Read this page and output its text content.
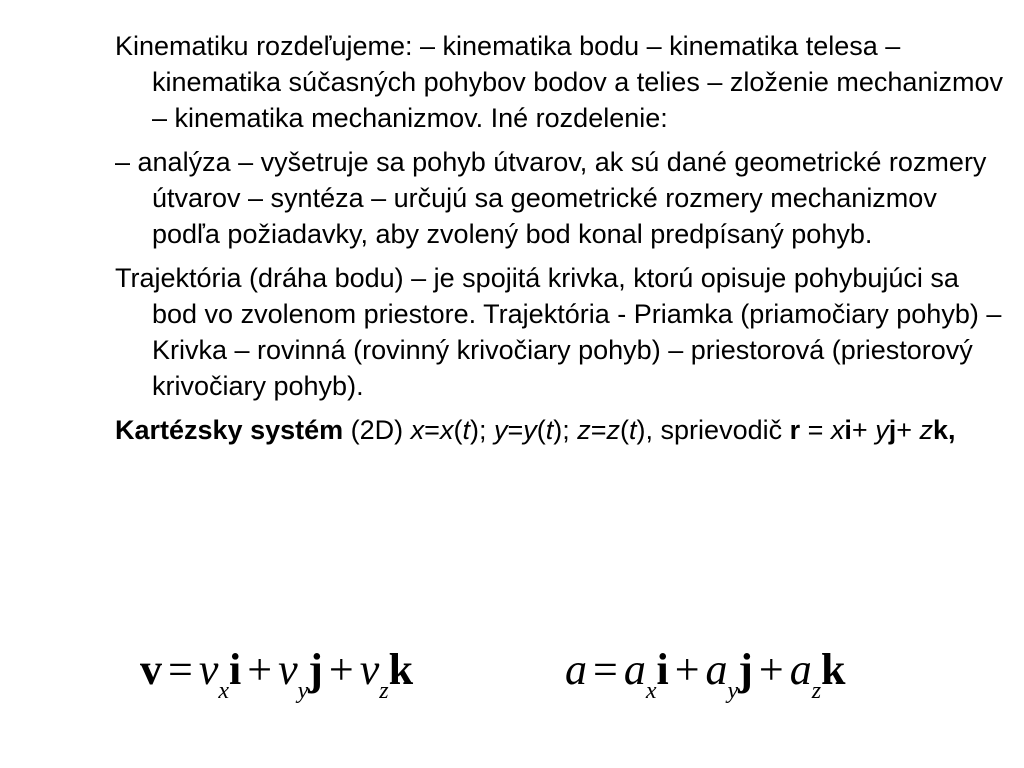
Kinematiku rozdeľujeme: – kinematika bodu – kinematika telesa – kinematika súčasných pohybov bodov a telies – zloženie mechanizmov – kinematika mechanizmov. Iné rozdelenie:

– analýza – vyšetruje sa pohyb útvarov, ak sú dané geometrické rozmery útvarov – syntéza – určujú sa geometrické rozmery mechanizmov podľa požiadavky, aby zvolený bod konal predpísaný pohyb.

Trajektória (dráha bodu) – je spojitá krivka, ktorú opisuje pohybujúci sa bod vo zvolenom priestore. Trajektória - Priamka (priamočiary pohyb) – Krivka – rovinná (rovinný krivočiary pohyb) – priestorová (priestorový krivočiary pohyb).

Kartézsky systém (2D) x=x(t); y=y(t); z=z(t), sprievodič r = xi+ yj+ zk,

$v = v_xi + v_yj + v_zk$	$a = a_xi + a_yj + a_zk$
